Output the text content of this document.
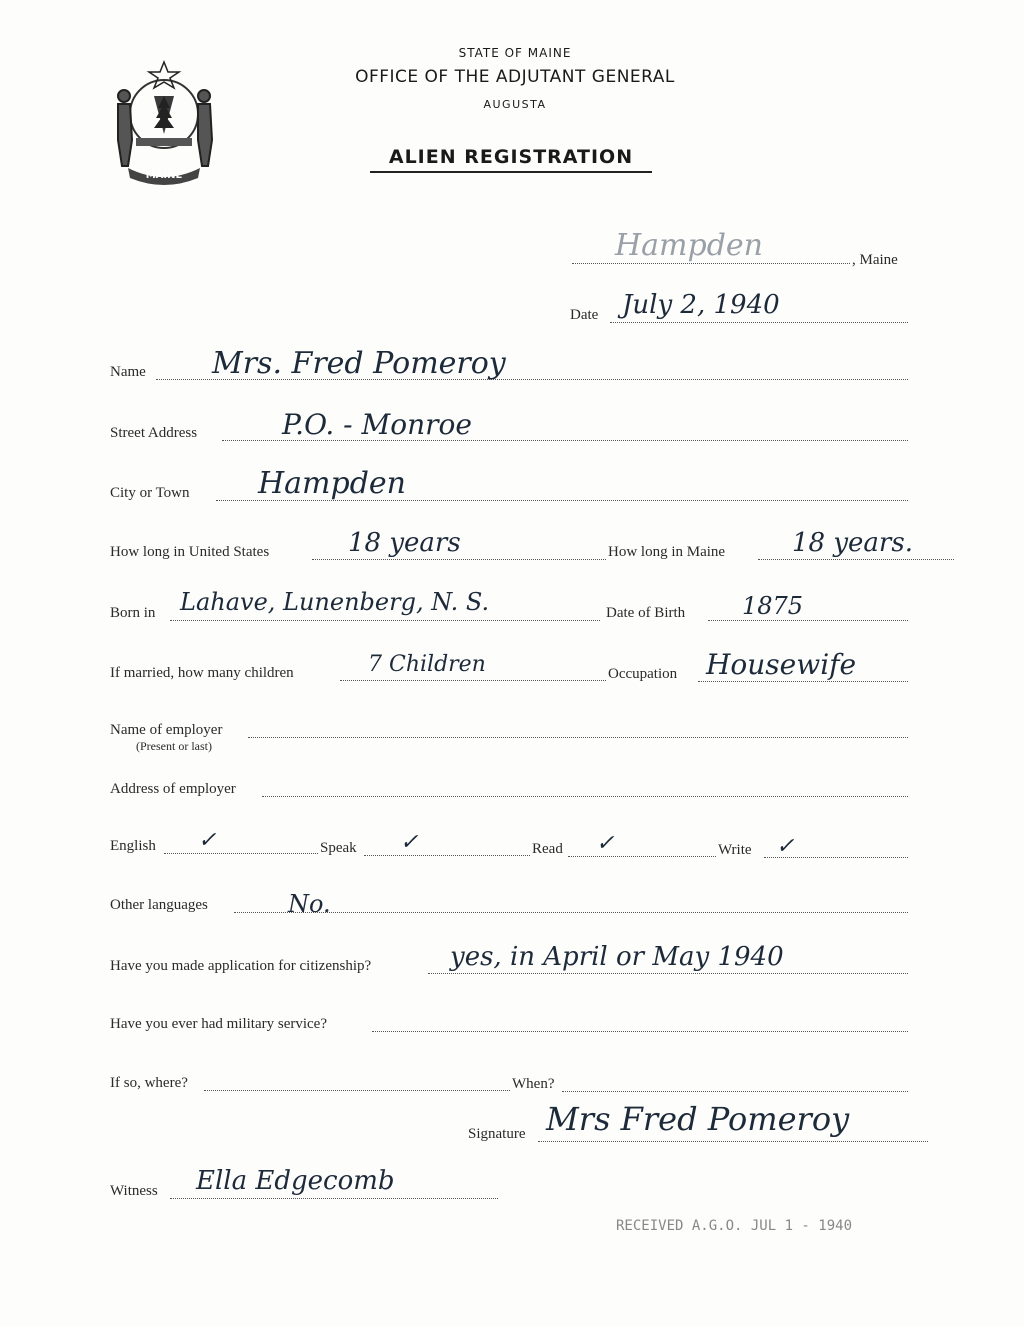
MAINE
STATE OF MAINE
OFFICE OF THE ADJUTANT GENERAL
AUGUSTA
ALIEN REGISTRATION
Hampden	, Maine
Date July 2, 1940
Name Mrs. Fred Pomeroy
Street Address	P.O. - Monroe
City or Town Hampden
How long in United States	18 years	How long in Maine	18 years.
Born in Lahave, Lunenberg, N. S.	Date of Birth 1875
If married, how many children	7 Children	Occupation Housewife
Name of employer
(Present or last)
Address of employer
English ✓	Speak ✓	Read ✓	Write ✓
Other languages	No.
Have you made application for citizenship?	yes, in April or May 1940
Have you ever had military service?
If so, where?	When?
Signature Mrs Fred Pomeroy
Witness Ella Edgecomb
RECEIVED A.G.O. JUL 1 - 1940
